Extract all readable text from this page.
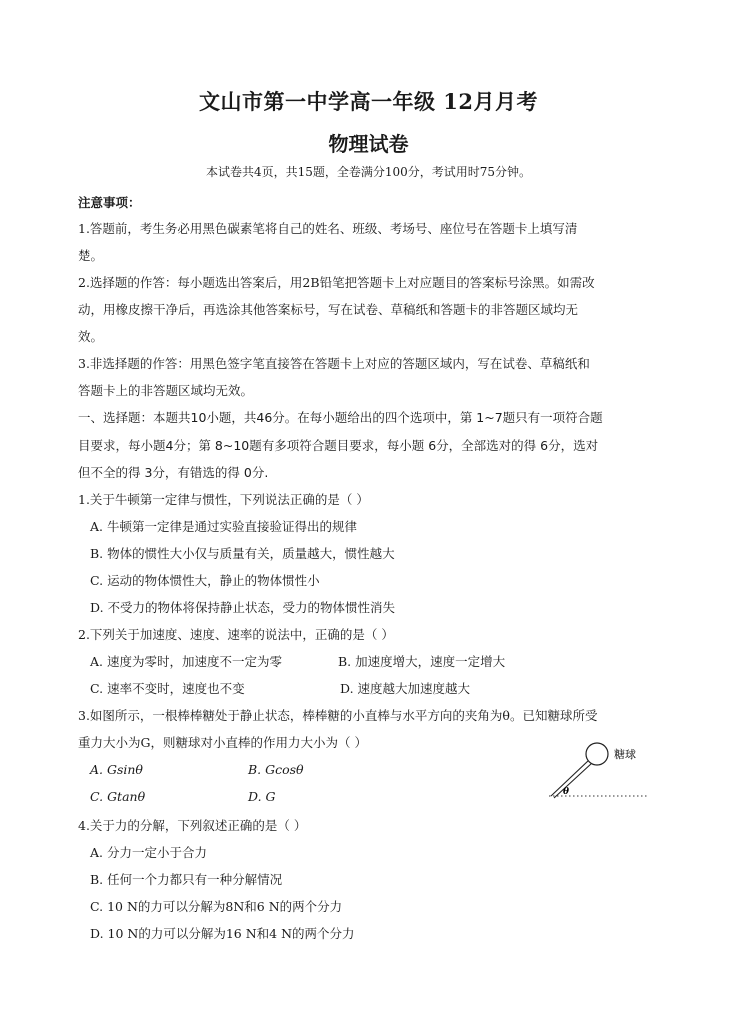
文山市第一中学高一年级 12月月考
物理试卷
本试卷共4页，共15题，全卷满分100分，考试用时75分钟。
注意事项：
1.答题前，考生务必用黑色碳素笔将自己的姓名、班级、考场号、座位号在答题卡上填写清
楚。
2.选择题的作答：每小题选出答案后，用2B铅笔把答题卡上对应题目的答案标号涂黑。如需改
动，用橡皮擦干净后，再选涂其他答案标号，写在试卷、草稿纸和答题卡的非答题区域均无
效。
3.非选择题的作答：用黑色签字笔直接答在答题卡上对应的答题区域内，写在试卷、草稿纸和
答题卡上的非答题区域均无效。
一、选择题：本题共10小题，共46分。在每小题给出的四个选项中，第 1~7题只有一项符合题
目要求，每小题4分；第 8~10题有多项符合题目要求，每小题 6分，全部选对的得 6分，选对
但不全的得 3分，有错选的得 0分.
1.关于牛顿第一定律与惯性，下列说法正确的是（ ）
A. 牛顿第一定律是通过实验直接验证得出的规律
B. 物体的惯性大小仅与质量有关，质量越大，惯性越大
C. 运动的物体惯性大，静止的物体惯性小
D. 不受力的物体将保持静止状态，受力的物体惯性消失
2.下列关于加速度、速度、速率的说法中，正确的是（ ）
A. 速度为零时，加速度不一定为零	B. 加速度增大，速度一定增大
C. 速率不变时，速度也不变	D. 速度越大加速度越大
3.如图所示，一根棒棒糖处于静止状态，棒棒糖的小直棒与水平方向的夹角为θ。已知糖球所受
重力大小为G，则糖球对小直棒的作用力大小为（ ）
A. Gsinθ	B. Gcosθ
C. Gtanθ	D. G	θ
糖球
4.关于力的分解，下列叙述正确的是（ ）
A. 分力一定小于合力
B. 任何一个力都只有一种分解情况
C. 10 N的力可以分解为8N和6 N的两个分力
D. 10 N的力可以分解为16 N和4 N的两个分力
